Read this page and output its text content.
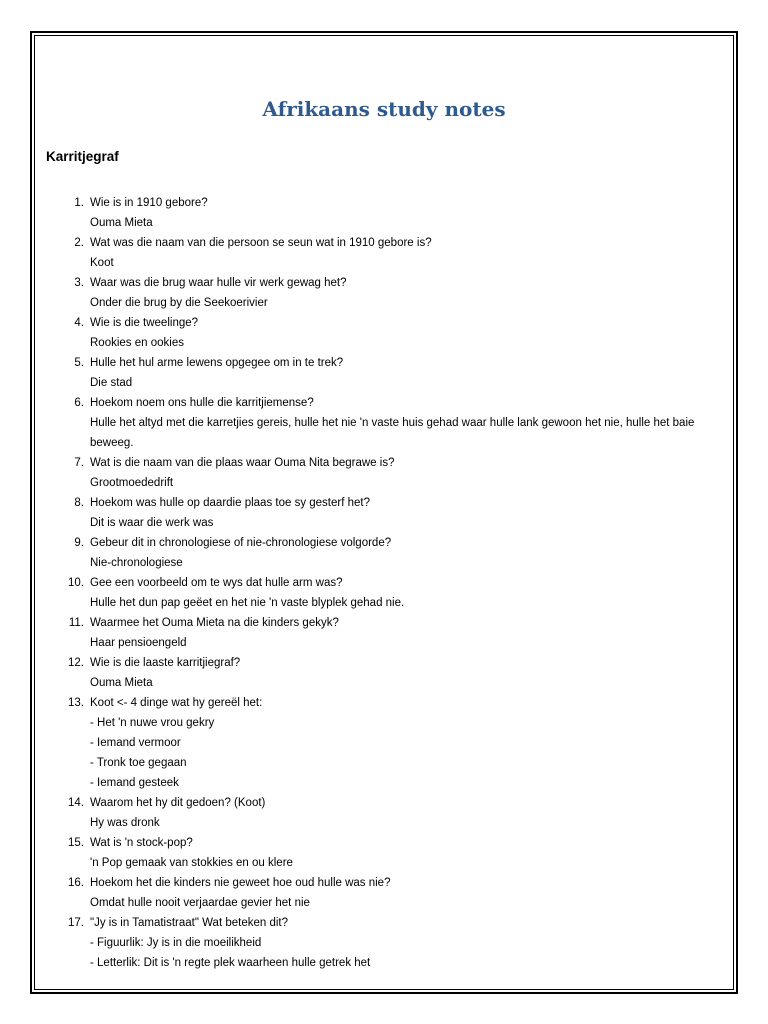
Afrikaans study notes
Karritjegraf
1. Wie is in 1910 gebore?
Ouma Mieta
2. Wat was die naam van die persoon se seun wat in 1910 gebore is?
Koot
3. Waar was die brug waar hulle vir werk gewag het?
Onder die brug by die Seekoerivier
4. Wie is die tweelinge?
Rookies en ookies
5. Hulle het hul arme lewens opgegee om in te trek?
Die stad
6. Hoekom noem ons hulle die karritjiemense?
Hulle het altyd met die karretjies gereis, hulle het nie 'n vaste huis gehad waar hulle lank gewoon het nie, hulle het baie beweeg.
7. Wat is die naam van die plaas waar Ouma Nita begrawe is?
Grootmoededrift
8. Hoekom was hulle op daardie plaas toe sy gesterf het?
Dit is waar die werk was
9. Gebeur dit in chronologiese of nie-chronologiese volgorde?
Nie-chronologiese
10. Gee een voorbeeld om te wys dat hulle arm was?
Hulle het dun pap geëet en het nie 'n vaste blyplek gehad nie.
11. Waarmee het Ouma Mieta na die kinders gekyk?
Haar pensioengeld
12. Wie is die laaste karritjiegraf?
Ouma Mieta
13. Koot <- 4 dinge wat hy gereël het:
- Het 'n nuwe vrou gekry
- Iemand vermoor
- Tronk toe gegaan
- Iemand gesteek
14. Waarom het hy dit gedoen? (Koot)
Hy was dronk
15. Wat is 'n stock-pop?
'n Pop gemaak van stokkies en ou klere
16. Hoekom het die kinders nie geweet hoe oud hulle was nie?
Omdat hulle nooit verjaardae gevier het nie
17. "Jy is in Tamatistraat" Wat beteken dit?
- Figuurlik: Jy is in die moeilikheid
- Letterlik: Dit is 'n regte plek waarheen hulle getrek het
